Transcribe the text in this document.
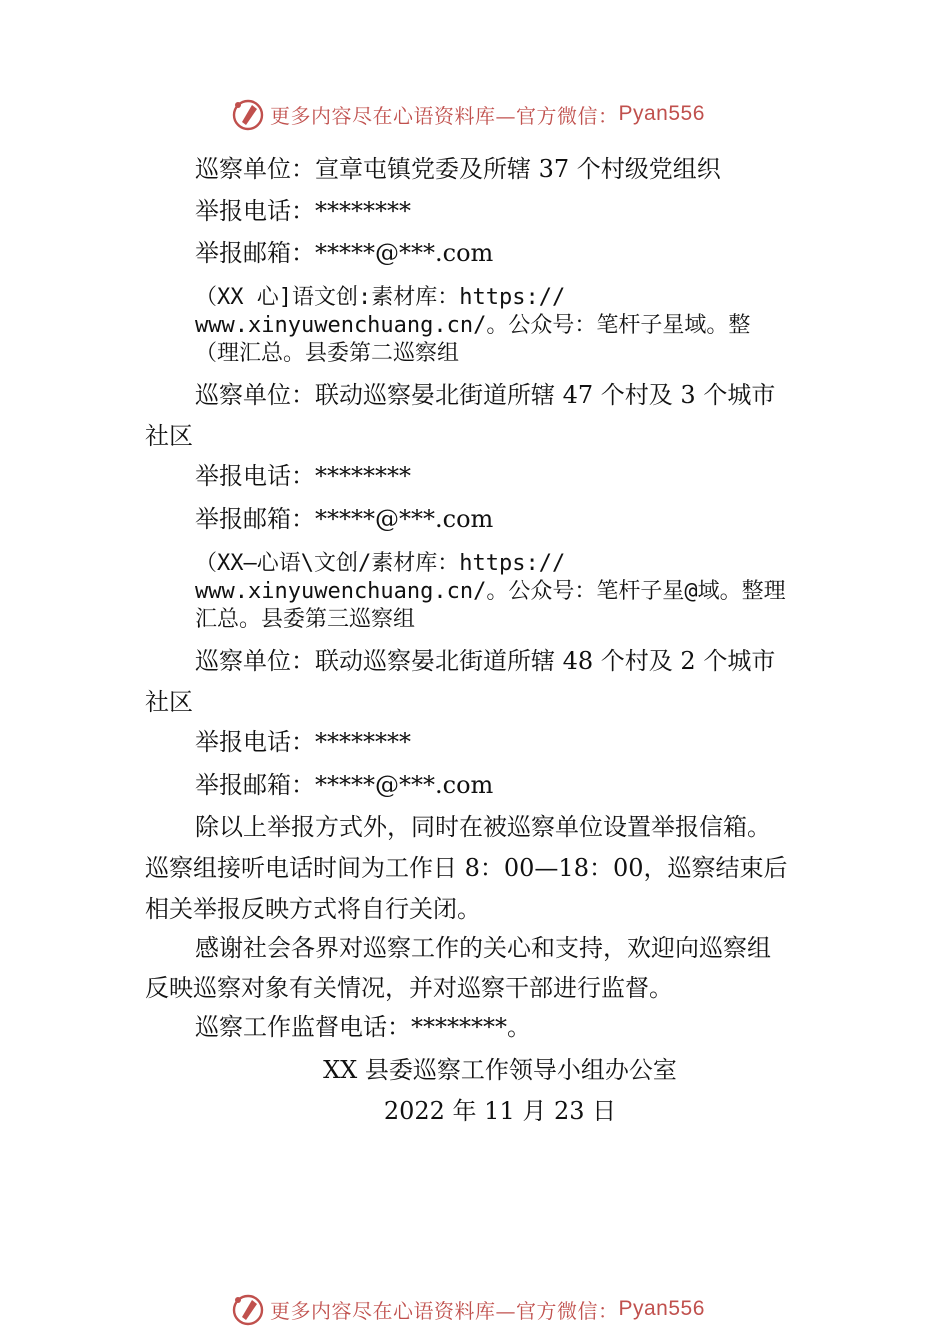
更多内容尽在心语资料库—官方微信： Pyan556
巡察单位：宣章屯镇党委及所辖 37 个村级党组织
举报电话：********
举报邮箱：*****@***.com
（XX 心]语文创:素材库：https://
www.xinyuwenchuang.cn/。公众号：笔杆子星域。整
（理汇总。县委第二巡察组
巡察单位：联动巡察晏北街道所辖 47 个村及 3 个城市
社区
举报电话：********
举报邮箱：*****@***.com
（XX—心语\文创/素材库：https://
www.xinyuwenchuang.cn/。公众号：笔杆子星@域。整理
汇总。县委第三巡察组
巡察单位：联动巡察晏北街道所辖 48 个村及 2 个城市
社区
举报电话：********
举报邮箱：*****@***.com
除以上举报方式外，同时在被巡察单位设置举报信箱。
巡察组接听电话时间为工作日 8：00—18：00，巡察结束后
相关举报反映方式将自行关闭。
感谢社会各界对巡察工作的关心和支持，欢迎向巡察组
反映巡察对象有关情况，并对巡察干部进行监督。
巡察工作监督电话：********。
XX 县委巡察工作领导小组办公室
2022 年 11 月 23 日
更多内容尽在心语资料库—官方微信： Pyan556
